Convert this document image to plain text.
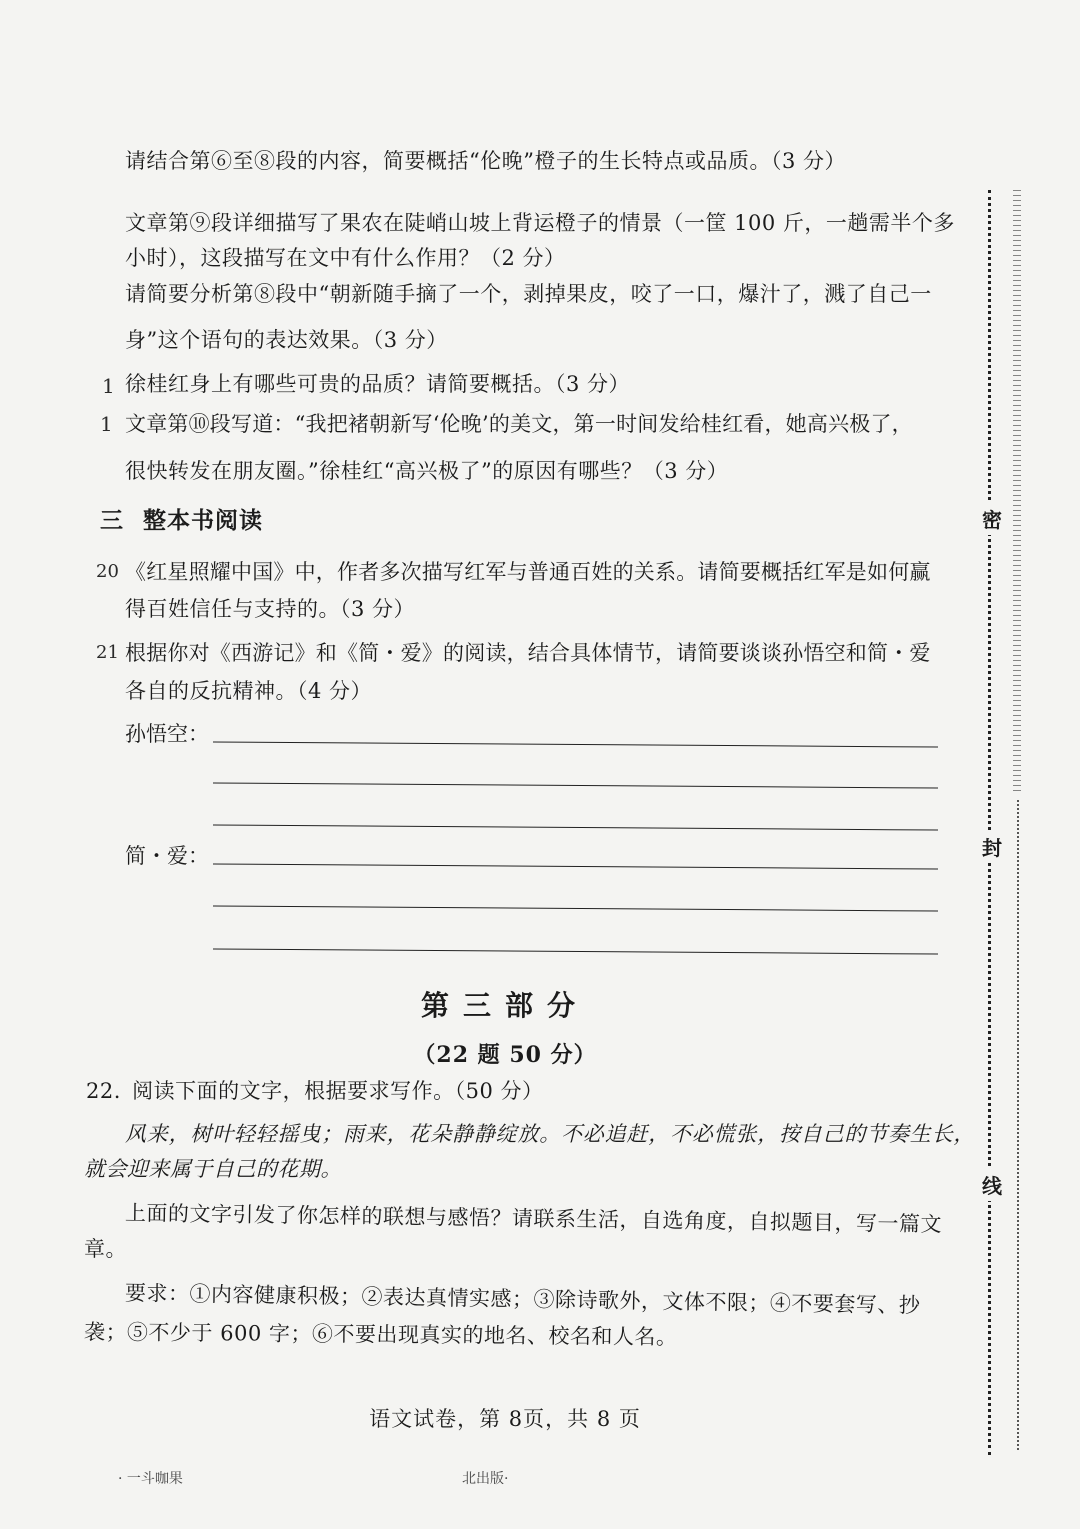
请结合第⑥至⑧段的内容，简要概括“伦晚”橙子的生长特点或品质。（3 分）
文章第⑨段详细描写了果农在陡峭山坡上背运橙子的情景（一筐 100 斤，一趟需半个多
小时），这段描写在文中有什么作用？（2 分）
请简要分析第⑧段中“朝新随手摘了一个，剥掉果皮，咬了一口，爆汁了，溅了自己一
身”这个语句的表达效果。（3 分）
1 徐桂红身上有哪些可贵的品质？请简要概括。（3 分）
1 文章第⑩段写道：“我把褚朝新写‘伦晚’的美文，第一时间发给桂红看，她高兴极了，
很快转发在朋友圈。”徐桂红“高兴极了”的原因有哪些？（3 分）
三 整本书阅读
20 《红星照耀中国》中，作者多次描写红军与普通百姓的关系。请简要概括红军是如何赢
得百姓信任与支持的。（3 分）
21 根据你对《西游记》和《简・爱》的阅读，结合具体情节，请简要谈谈孙悟空和简・爱
各自的反抗精神。（4 分）
孙悟空：
简・爱：
第三部分
（22 题 50 分）
22. 阅读下面的文字，根据要求写作。（50 分）
风来，树叶轻轻摇曳；雨来，花朵静静绽放。不必追赶，不必慌张，按自己的节奏生长，
就会迎来属于自己的花期。
上面的文字引发了你怎样的联想与感悟？请联系生活，自选角度，自拟题目，写一篇文
章。
要求：①内容健康积极；②表达真情实感；③除诗歌外，文体不限；④不要套写、抄
袭；⑤不少于 600 字；⑥不要出现真实的地名、校名和人名。
语文试卷，第 8页，共 8 页
密
封
线
· 一斗咖果	北出版·
